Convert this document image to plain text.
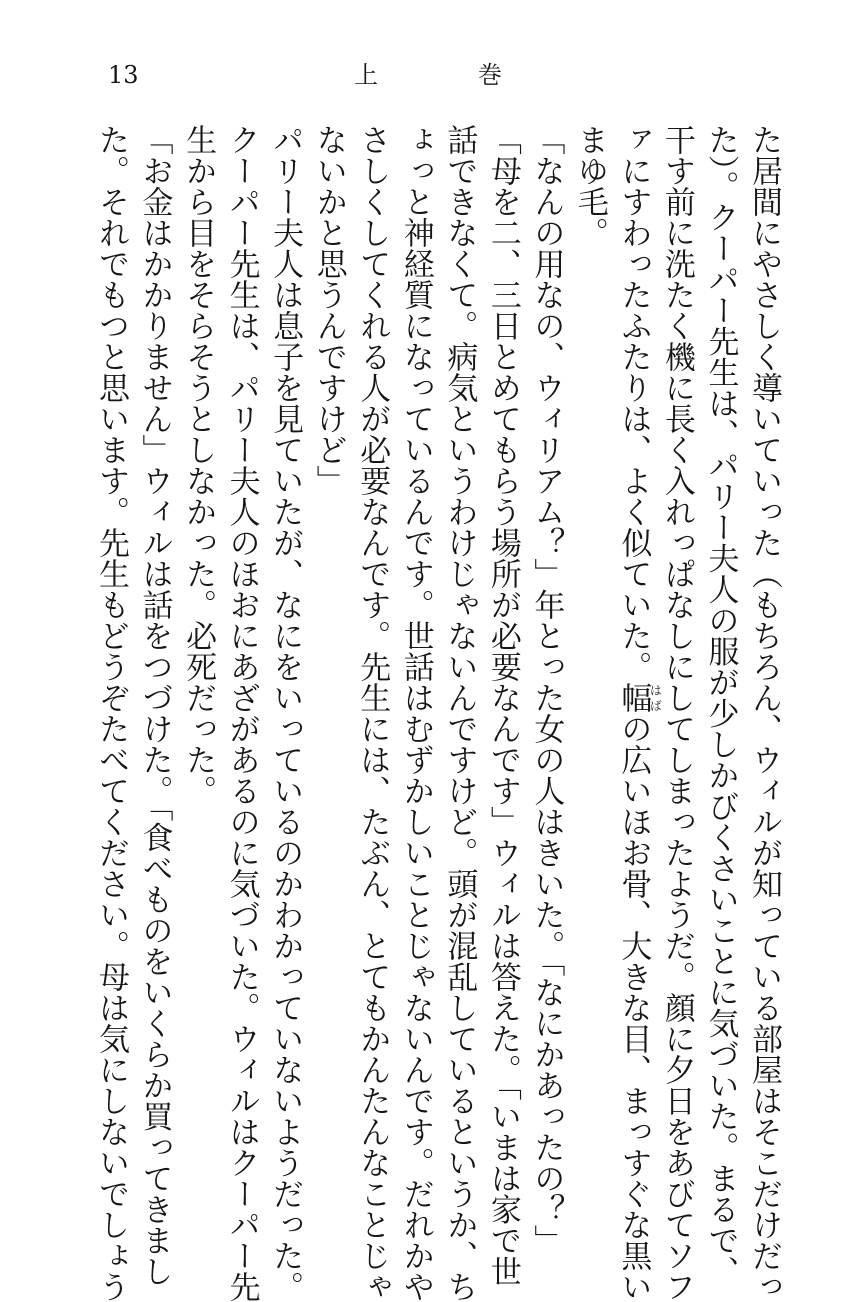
13	上	巻
た居間にやさしく導いていった（もちろん、ウィルが知っている部屋はそこだけだっ
た）。クーパー先生は、パリー夫人の服が少しかびくさいことに気づいた。まるで、
干す前に洗たく機に長く入れっぱなしにしてしまったようだ。顔に夕日をあびてソフ
ァにすわったふたりは、よく似ていた。幅はばの広いほお骨、大きな目、まっすぐな黒い
まゆ毛。
「なんの用なの、ウィリアム？」年とった女の人はきいた。「なにかあったの？」
「母を二、三日とめてもらう場所が必要なんです」ウィルは答えた。「いまは家で世
話できなくて。病気というわけじゃないんですけど。頭が混乱しているというか、ち
ょっと神経質になっているんです。世話はむずかしいことじゃないんです。だれかや
さしくしてくれる人が必要なんです。先生には、たぶん、とてもかんたんなことじゃ
ないかと思うんですけど」
パリー夫人は息子を見ていたが、なにをいっているのかわかっていないようだった。
クーパー先生は、パリー夫人のほおにあざがあるのに気づいた。ウィルはクーパー先
生から目をそらそうとしなかった。必死だった。
「お金はかかりません」ウィルは話をつづけた。「食べものをいくらか買ってきまし
た。それでもつと思います。先生もどうぞたべてください。母は気にしないでしょう
